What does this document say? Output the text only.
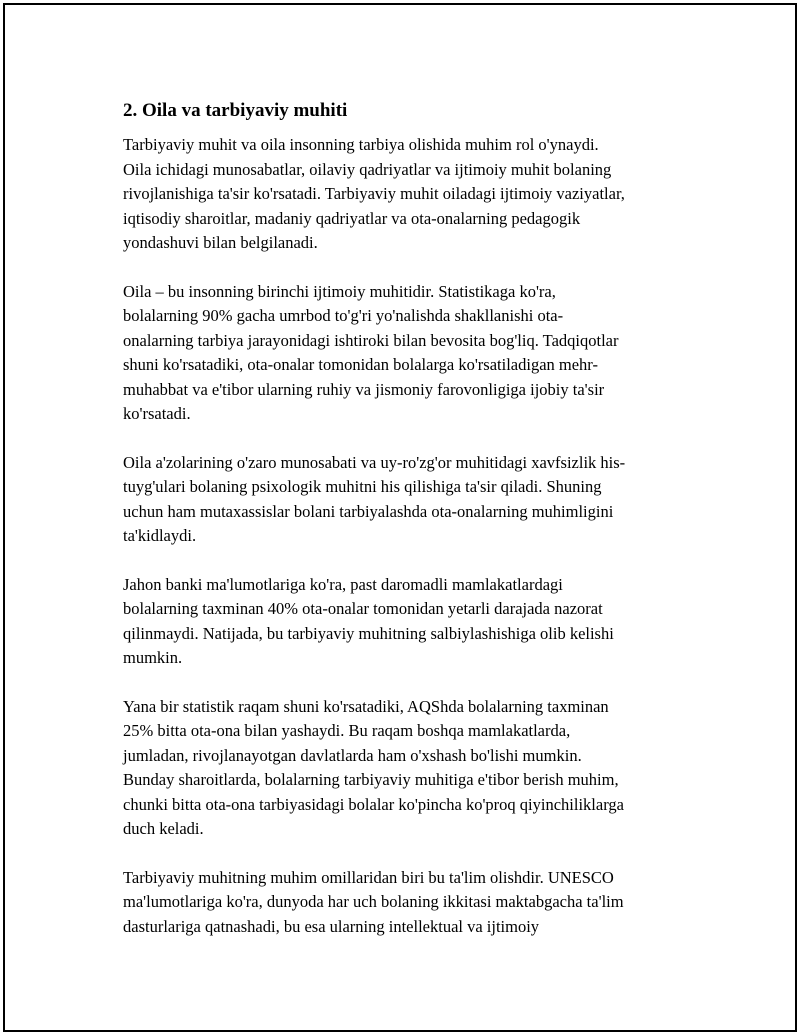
2. Oila va tarbiyaviy muhiti

Tarbiyaviy muhit va oila insonning tarbiya olishida muhim rol o'ynaydi.
Oila ichidagi munosabatlar, oilaviy qadriyatlar va ijtimoiy muhit bolaning
rivojlanishiga ta'sir ko'rsatadi. Tarbiyaviy muhit oiladagi ijtimoiy vaziyatlar,
iqtisodiy sharoitlar, madaniy qadriyatlar va ota-onalarning pedagogik
yondashuvi bilan belgilanadi.

Oila – bu insonning birinchi ijtimoiy muhitidir. Statistikaga ko'ra,
bolalarning 90% gacha umrbod to'g'ri yo'nalishda shakllanishi ota-
onalarning tarbiya jarayonidagi ishtiroki bilan bevosita bog'liq. Tadqiqotlar
shuni ko'rsatadiki, ota-onalar tomonidan bolalarga ko'rsatiladigan mehr-
muhabbat va e'tibor ularning ruhiy va jismoniy farovonligiga ijobiy ta'sir
ko'rsatadi.

Oila a'zolarining o'zaro munosabati va uy-ro'zg'or muhitidagi xavfsizlik his-
tuyg'ulari bolaning psixologik muhitni his qilishiga ta'sir qiladi. Shuning
uchun ham mutaxassislar bolani tarbiyalashda ota-onalarning muhimligini
ta'kidlaydi.

Jahon banki ma'lumotlariga ko'ra, past daromadli mamlakatlardagi
bolalarning taxminan 40% ota-onalar tomonidan yetarli darajada nazorat
qilinmaydi. Natijada, bu tarbiyaviy muhitning salbiylashishiga olib kelishi
mumkin.

Yana bir statistik raqam shuni ko'rsatadiki, AQShda bolalarning taxminan
25% bitta ota-ona bilan yashaydi. Bu raqam boshqa mamlakatlarda,
jumladan, rivojlanayotgan davlatlarda ham o'xshash bo'lishi mumkin.
Bunday sharoitlarda, bolalarning tarbiyaviy muhitiga e'tibor berish muhim,
chunki bitta ota-ona tarbiyasidagi bolalar ko'pincha ko'proq qiyinchiliklarga
duch keladi.

Tarbiyaviy muhitning muhim omillaridan biri bu ta'lim olishdir. UNESCO
ma'lumotlariga ko'ra, dunyoda har uch bolaning ikkitasi maktabgacha ta'lim
dasturlariga qatnashadi, bu esa ularning intellektual va ijtimoiy
